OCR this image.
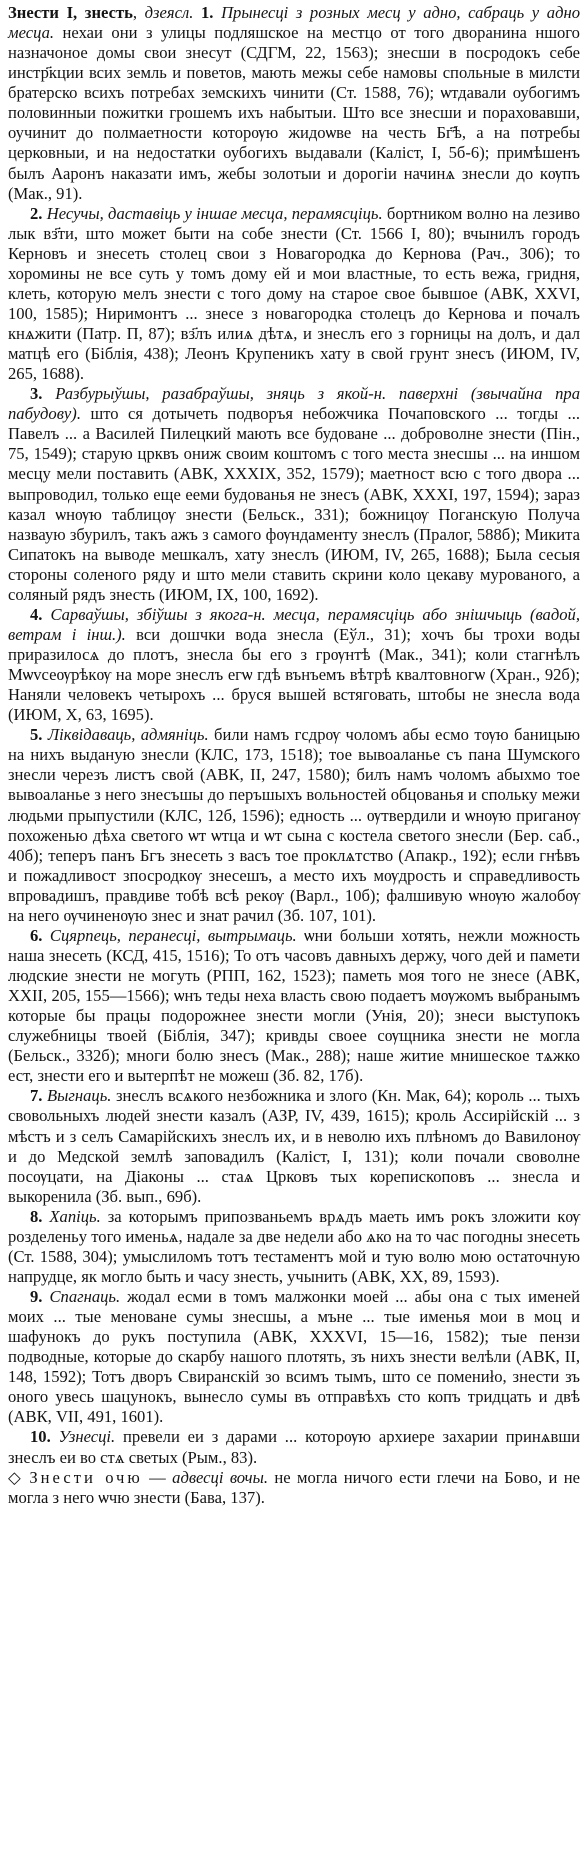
Знести I, знесть, дзеясл. 1. Прынесці з розных месц у адно, сабраць у адно месца. нехаи они з улицы подляшское на местцо от того дворанина ншого назначоное домы свои знесут (СДГМ, 22, 1563); знесши в посродокъ себе инстр҃кции всих земль и поветов, мають межы себе намовы спольные в милсти братерско всихъ потребах земскихъ чинити (Ст. 1588, 76); ѡтдавали оубогимъ половинныи пожитки грошемъ ихъ набытыи. Што все знесши и пораховавши, оучинит до полмаетности которѹю жидоѡве на честь Бг҃ѣ, а на потребы церковныи, и на недостатки оубогихъ выдавали (Каліст, I, 5б-6); примѣшенъ былъ Ааронъ наказати имъ, жебы золотыи и дорогіи начинѧ знесли до кѹпъ (Мак., 91).

2. Несучы, даставіць у іншае месца, перамясціць. бортником волно на лезиво лык вз҃ти, што может быти на собе знести (Ст. 1566 I, 80); вчынилъ городъ Керновъ и знесеть столец свои з Новагородка до Кернова (Рач., 306); то хоромины не все суть у томъ дому ей и мои властные, то есть вежа, гридня, клеть, которую мелъ знести с того дому на старое свое бывшое (АВК, XXVI, 100, 1585); Ниримонтъ ... знесе з новагородка столецъ до Кернова и почалъ кнѧжити (Патр. П, 87); вз҃лъ илиѧ дѣтѧ, и знеслъ его з горницы на долъ, и дал матцѣ его (Біблія, 438); Леонъ Крупеникъ хату в свой грунт знесъ (ИЮМ, IV, 265, 1688).

3. Разбурыўшы, разабраўшы, зняць з якой-н. паверхні (звычайна пра пабудову). што ся дотычеть подворъя небожчика Почаповского ... тогды ... Павелъ ... а Василей Пилецкий мають все будоване ... доброволне знести (Пін., 75, 1549); старую црквъ ониж своим коштомъ с того места знесшы ... на иншом месцу мели поставить (АВК, XXXIX, 352, 1579); маетност всю с того двора ... выпроводил, только еще ееми будованья не знесъ (АВК, XXXI, 197, 1594); зараз казал ѡнѹю таблицѹ знести (Бельск., 331); божницѹ Поганскую Получа назваую збурилъ, такъ ажъ з самого фѹндаменту знеслъ (Пралог, 588б); Микита Сипатокъ на выводе мешкалъ, хату знеслъ (ИЮМ, IV, 265, 1688); Была сесыя стороны соленого ряду и што мели ставить скрини коло цекаву мурованого, а соляный рядъ знесть (ИЮМ, IX, 100, 1692).

4. Сарваўшы, збіўшы з якога-н. месца, перамясціць або знішчыць (вадой, ветрам і інш.). вси дошчки вода знесла (Еўл., 31); хочъ бы трохи воды приразилосѧ до плотъ, знесла бы его з грѹнтѣ (Мак., 341); коли стагнѣлъ Мѡvсеѹрѣкѹ на море знеслъ егѡ гдѣ вънъемъ вѣтрѣ квалтовногѡ (Хран., 92б); Наняли человекъ четырохъ ... бруся вышей встяговать, штобы не знесла вода (ИЮМ, X, 63, 1695).

5. Ліквідаваць, адмяніць. били намъ гсдрѹ чоломъ абы есмо тѹю баницыю на нихъ выданую знесли (КЛС, 173, 1518); тое вывоаланье съ пана Шумского знесли черезъ листъ свой (АВК, II, 247, 1580); билъ намъ чоломъ абыхмо тое вывоаланье з него знесъшы до перъшыхъ вольностей обцованья и спольку межи людьми прыпустили (КЛС, 12б, 1596); едность ... ѹтвердили и ѡнѹю приганѹ похоженью дѣха светого ѡт ѡтца и ѡт сына с костела светого знесли (Бер. саб., 40б); теперъ панъ Бгъ знесеть з васъ тое проклѧтство (Апакр., 192); если гнѣвъ и пожадливост зпосродкѹ знесешъ, а место ихъ мѹдрость и справедливость впровадишъ, правдиве тобѣ всѣ рекѹ (Варл., 10б); фалшивую ѡнѹю жалобѹ на него ѹчиненѹю знес и знат рачил (Зб. 107, 101).

6. Сцярпець, перанесці, вытрымаць. ѡни больши хотять, нежли можность наша знесеть (КСД, 415, 1516); То отъ часовъ давныхъ держу, чого дей и памети людские знести не могуть (РПП, 162, 1523); паметь моя того не знесе (АВК, XXII, 205, 155—1566); ѡнъ теды неха власть свою подаетъ мѹжомъ выбранымъ которые бы працы подорожнее знести могли (Унія, 20); знеси выступокъ служебницы твоей (Біблія, 347); кривды своее сѹщника знести не могла (Бельск., 332б); многи болю знесъ (Мак., 288); наше житие мнишеское тѧжко ест, знести его и вытерпѣт не можеш (Зб. 82, 17б).

7. Выгнаць. знеслъ всѧкого незбожника и злого (Кн. Мак, 64); король ... тыхъ свовольныхъ людей знести казалъ (АЗР, IV, 439, 1615); кроль Ассирійскій ... з мѣстъ и з селъ Самарійскихъ знеслъ их, и в неволю ихъ плѣномъ до Вавилонѹ и до Медской землѣ заповадилъ (Каліст, I, 131); коли почали своволне посѹцати, на Діаконы ... стаѧ Црковъ тых корепископовъ ... знесла и выкоренила (Зб. вып., 69б).

8. Хапіць. за которымъ припозваньемъ врѧдъ маеть имъ рокъ зложити кѹ розделеньу того именьѧ, надале за две недели або ѧко на то час погодны знесеть (Ст. 1588, 304); умыслиломъ тотъ тестаментъ мой и тую волю мою остаточную напрудце, як могло быть и часу знесть, учынить (АВК, XX, 89, 1593).

9. Спагнаць. жодал есми в томъ малжонки моей ... абы она с тых именей моих ... тые меноване сумы знесшы, а мъне ... тые именья мои в моц и шафунокъ до рукъ поступила (АВК, XXXVI, 15—16, 1582); тые пензи подводные, которые до скарбу нашого плотять, зъ нихъ знести велѣли (АВК, II, 148, 1592); Тотъ дворъ Свиранскій зо всимъ тымъ, што се помениło, знести зъ оного увесь шацунокъ, вынесло сумы въ отправѣхъ сто копъ тридцать и двѣ (АВК, VII, 491, 1601).

10. Узнесці. превели еи з дарами ... которѹю архиере захарии принѧвши знеслъ еи во стѧ светых (Рым., 83).
◇ Знести очю — адвесці вочы. не могла ничого ести глечи на Бово, и не могла з него ѡчю знести (Бава, 137).
